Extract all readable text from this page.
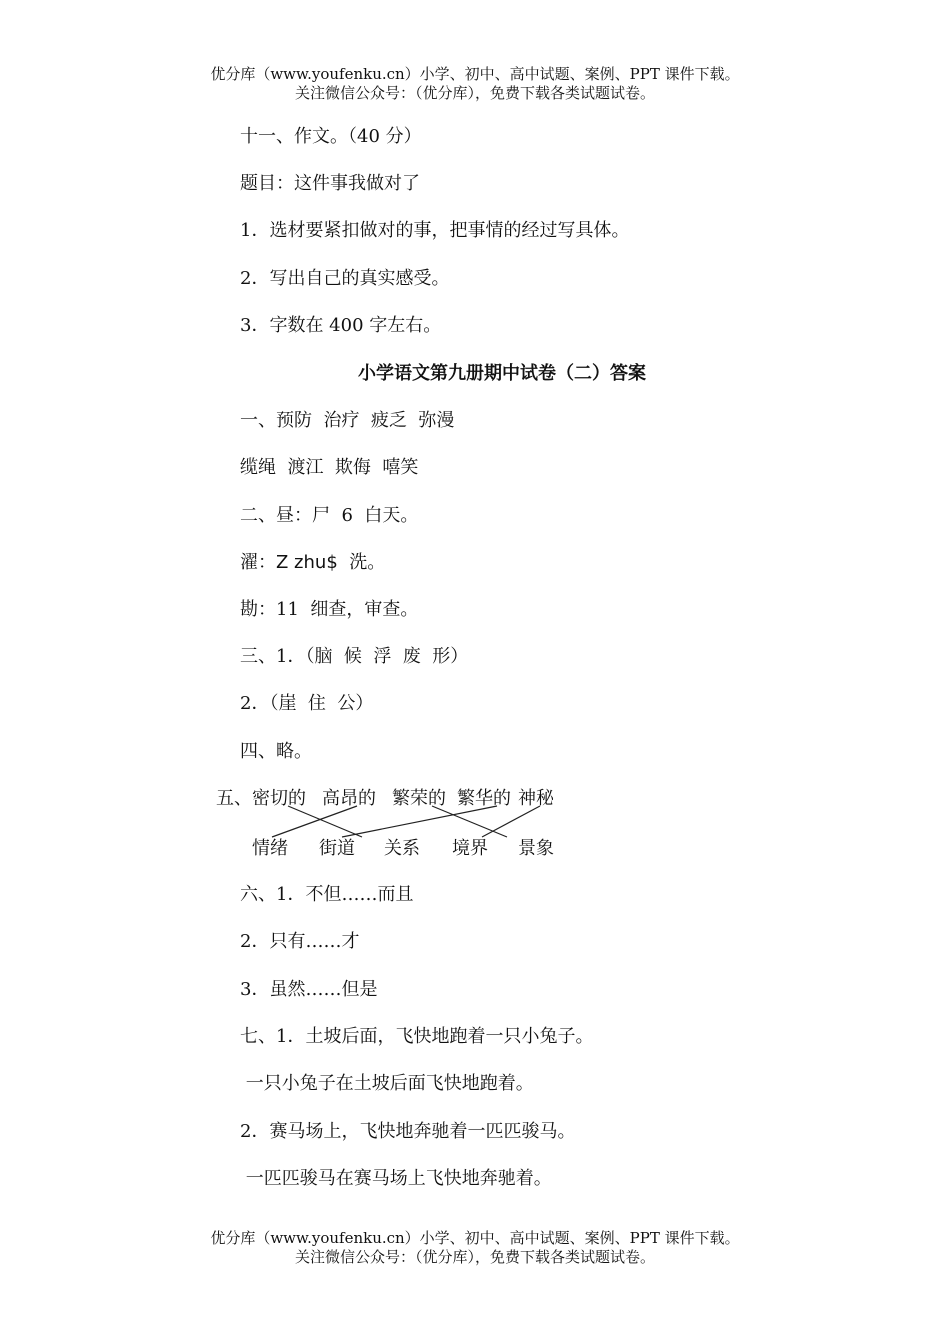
优分库（www.youfenku.cn）小学、初中、高中试题、案例、PPT 课件下载。
关注微信公众号：（优分库），免费下载各类试题试卷。
十一、作文。（40 分）
题目：这件事我做对了
1．选材要紧扣做对的事，把事情的经过写具体。
2．写出自己的真实感受。
3．字数在 400 字左右。
小学语文第九册期中试卷（二）答案
一、预防  治疗  疲乏  弥漫
缆绳  渡江  欺侮  嘻笑
二、昼：尸  6  白天。
濯：Z zhu$  洗。
勘：11  细查，审查。
三、1．（脑  候  浮  废  形）
2．（崖  住  公）
四、略。
五、密切的 高昂的 繁荣的 繁华的 神秘
情绪 街道 关系 境界 景象
六、1．不但……而且
2．只有……才
3．虽然……但是
七、1．土坡后面，飞快地跑着一只小兔子。
一只小兔子在土坡后面飞快地跑着。
2．赛马场上，飞快地奔驰着一匹匹骏马。
一匹匹骏马在赛马场上飞快地奔驰着。
优分库（www.youfenku.cn）小学、初中、高中试题、案例、PPT 课件下载。
关注微信公众号：（优分库），免费下载各类试题试卷。
